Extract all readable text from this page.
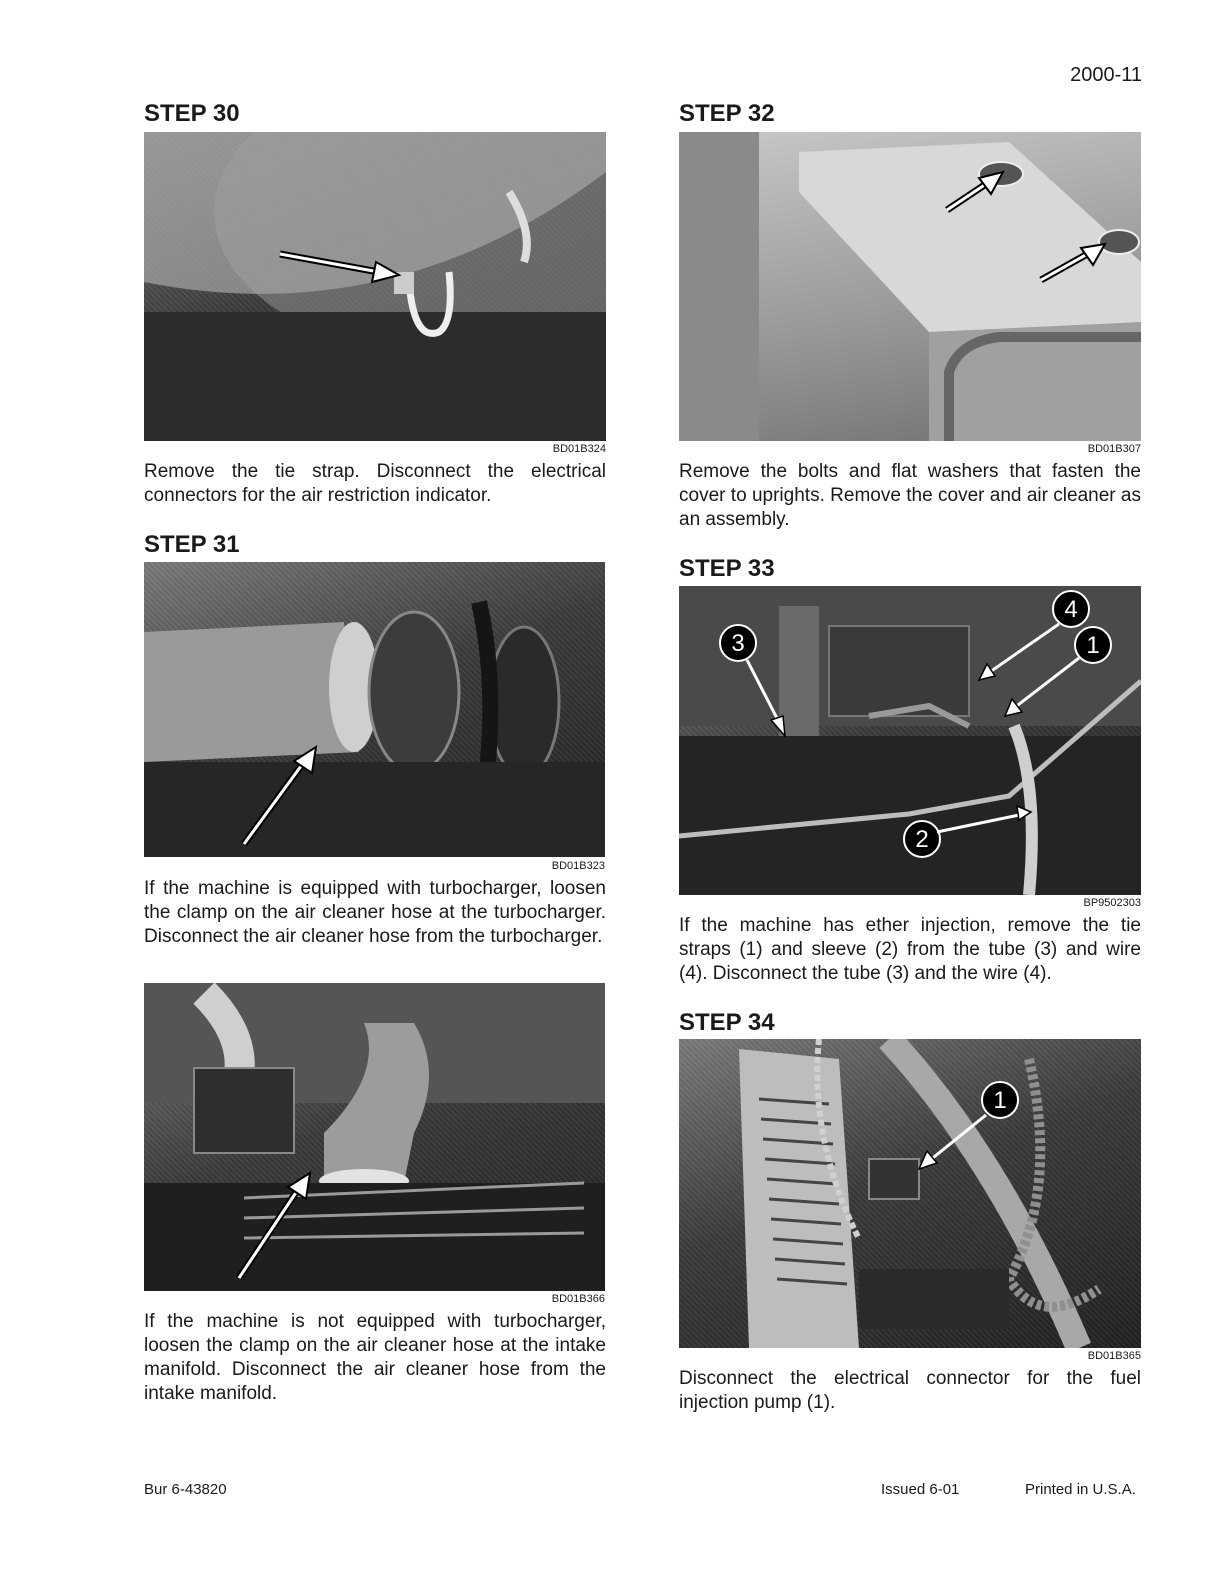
2000-11
STEP 30
BD01B324

Remove the tie strap. Disconnect the electrical connectors for the air restriction indicator.

STEP 31
BD01B323

If the machine is equipped with turbocharger, loosen the clamp on the air cleaner hose at the turbocharger. Disconnect the air cleaner hose from the turbocharger.

BD01B366

If the machine is not equipped with turbocharger, loosen the clamp on the air cleaner hose at the intake manifold. Disconnect the air cleaner hose from the intake manifold.

STEP 32
BD01B307

Remove the bolts and flat washers that fasten the cover to uprights. Remove the cover and air cleaner as an assembly.

STEP 33
3
4
1
2
BP9502303

If the machine has ether injection, remove the tie straps (1) and sleeve (2) from the tube (3) and wire (4). Disconnect the tube (3) and the wire (4).

STEP 34
1
BD01B365

Disconnect the electrical connector for the fuel injection pump (1).

Bur 6-43820	Issued 6-01	Printed in U.S.A.
